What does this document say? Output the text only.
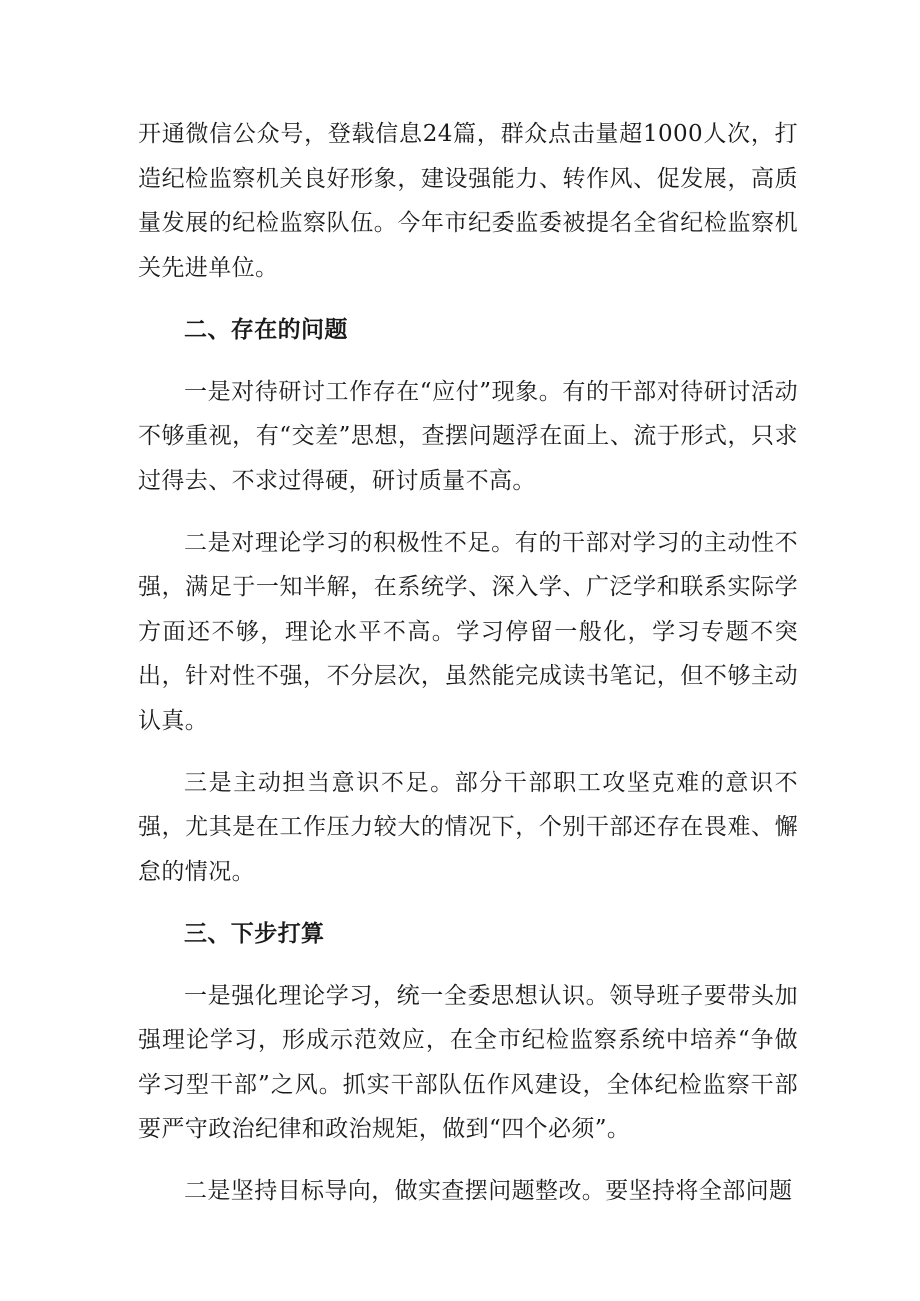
开通微信公众号，登载信息24篇，群众点击量超1000人次，打造纪检监察机关良好形象，建设强能力、转作风、促发展，高质量发展的纪检监察队伍。今年市纪委监委被提名全省纪检监察机关先进单位。

二、存在的问题

一是对待研讨工作存在“应付”现象。有的干部对待研讨活动不够重视，有“交差”思想，查摆问题浮在面上、流于形式，只求过得去、不求过得硬，研讨质量不高。

二是对理论学习的积极性不足。有的干部对学习的主动性不强，满足于一知半解，在系统学、深入学、广泛学和联系实际学方面还不够，理论水平不高。学习停留一般化，学习专题不突出，针对性不强，不分层次，虽然能完成读书笔记，但不够主动认真。

三是主动担当意识不足。部分干部职工攻坚克难的意识不强，尤其是在工作压力较大的情况下，个别干部还存在畏难、懈怠的情况。

三、下步打算

一是强化理论学习，统一全委思想认识。领导班子要带头加强理论学习，形成示范效应，在全市纪检监察系统中培养“争做学习型干部”之风。抓实干部队伍作风建设，全体纪检监察干部要严守政治纪律和政治规矩，做到“四个必须”。

二是坚持目标导向，做实查摆问题整改。要坚持将全部问题
